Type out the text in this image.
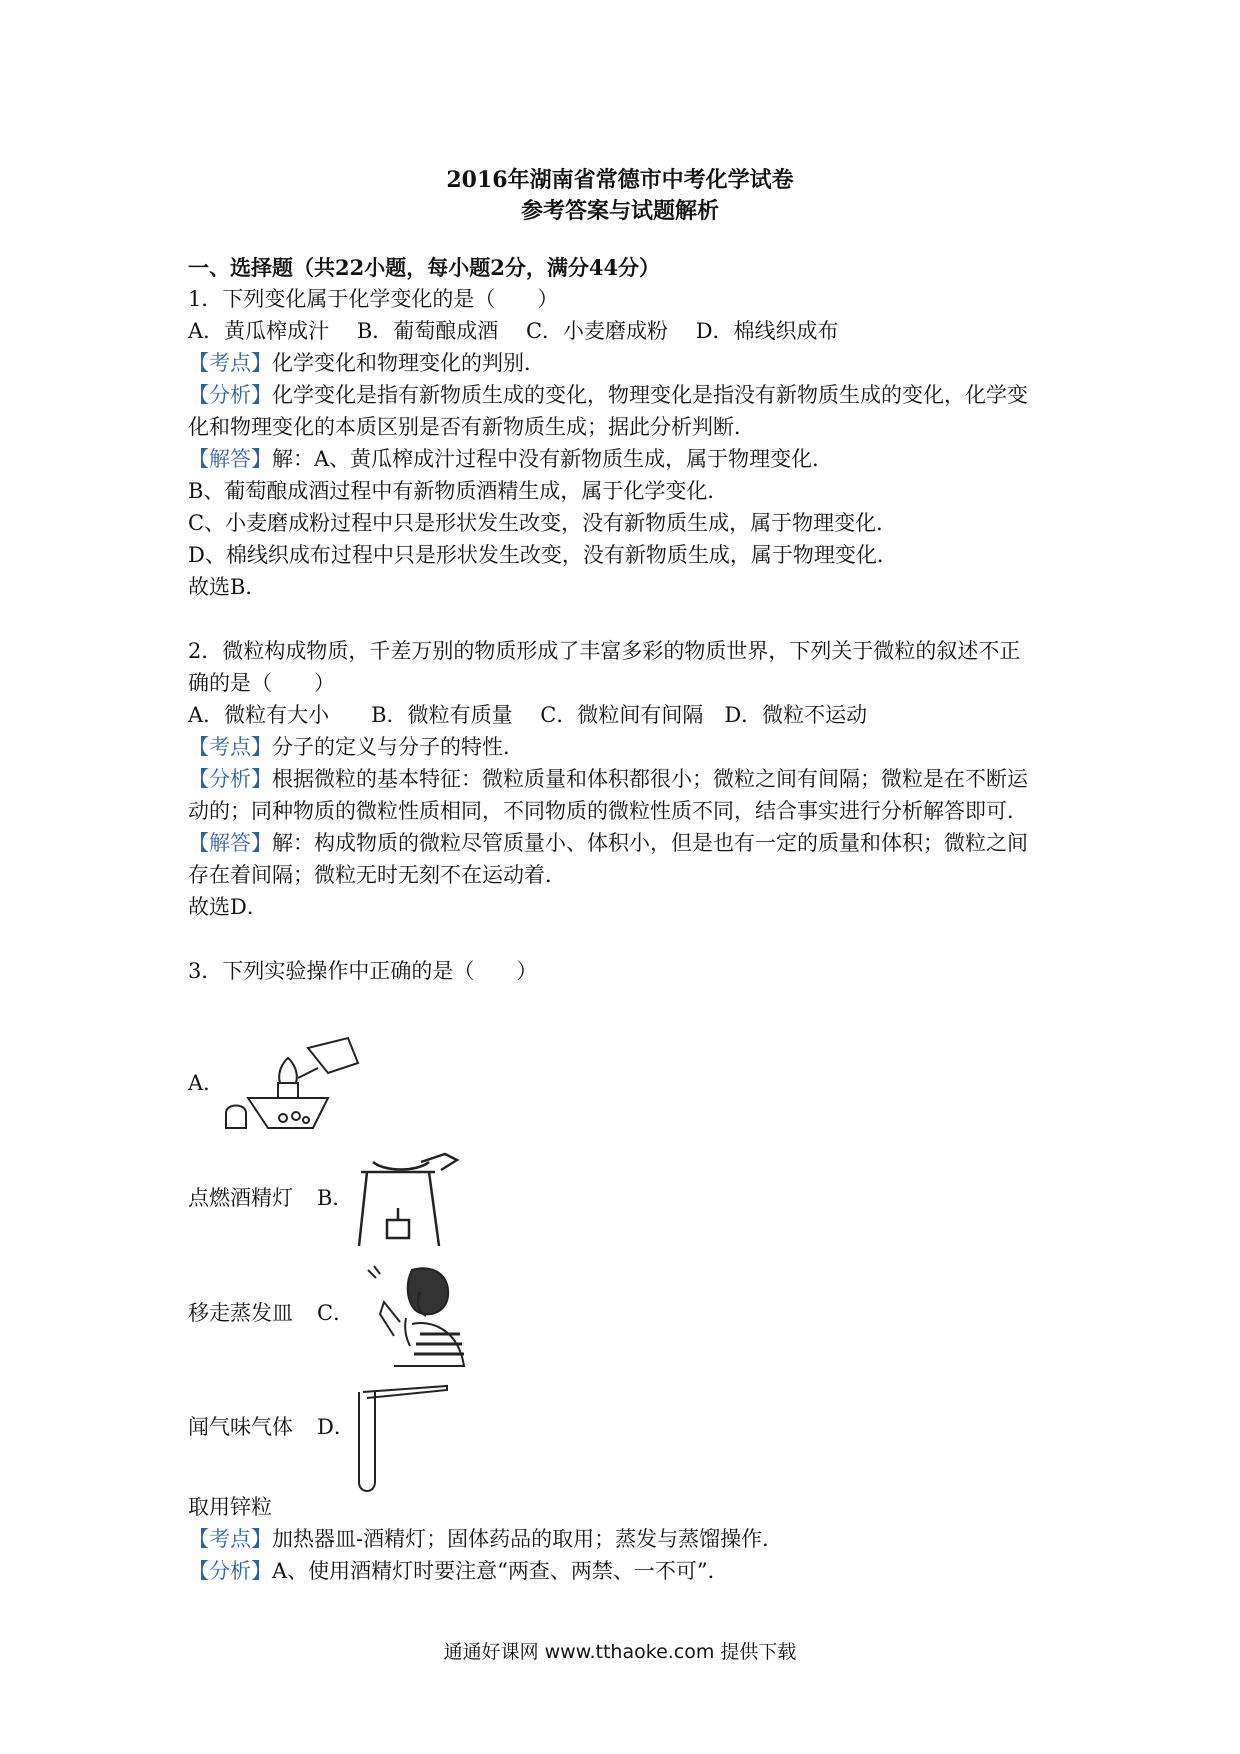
2016年湖南省常德市中考化学试卷
参考答案与试题解析
一、选择题（共22小题，每小题2分，满分44分）
1．下列变化属于化学变化的是（　　）
A．黄瓜榨成汁　 B．葡萄酿成酒　 C．小麦磨成粉　 D．棉线织成布
【考点】化学变化和物理变化的判别．
【分析】化学变化是指有新物质生成的变化，物理变化是指没有新物质生成的变化，化学变
化和物理变化的本质区别是否有新物质生成；据此分析判断．
【解答】解：A、黄瓜榨成汁过程中没有新物质生成，属于物理变化．
B、葡萄酿成酒过程中有新物质酒精生成，属于化学变化．
C、小麦磨成粉过程中只是形状发生改变，没有新物质生成，属于物理变化．
D、棉线织成布过程中只是形状发生改变，没有新物质生成，属于物理变化．
故选B．
2．微粒构成物质，千差万别的物质形成了丰富多彩的物质世界，下列关于微粒的叙述不正
确的是（　　）
A．微粒有大小　　B．微粒有质量　 C．微粒间有间隔　D．微粒不运动
【考点】分子的定义与分子的特性．
【分析】根据微粒的基本特征：微粒质量和体积都很小；微粒之间有间隔；微粒是在不断运
动的；同种物质的微粒性质相同，不同物质的微粒性质不同，结合事实进行分析解答即可．
【解答】解：构成物质的微粒尽管质量小、体积小，但是也有一定的质量和体积；微粒之间
存在着间隔；微粒无时无刻不在运动着．
故选D．
3．下列实验操作中正确的是（　　）
A．
点燃酒精灯 B．
移走蒸发皿 C．
闻气味气体 D．
取用锌粒
【考点】加热器皿-酒精灯；固体药品的取用；蒸发与蒸馏操作．
【分析】A、使用酒精灯时要注意“两查、两禁、一不可”．
通通好课网 www.tthaoke.com 提供下载
